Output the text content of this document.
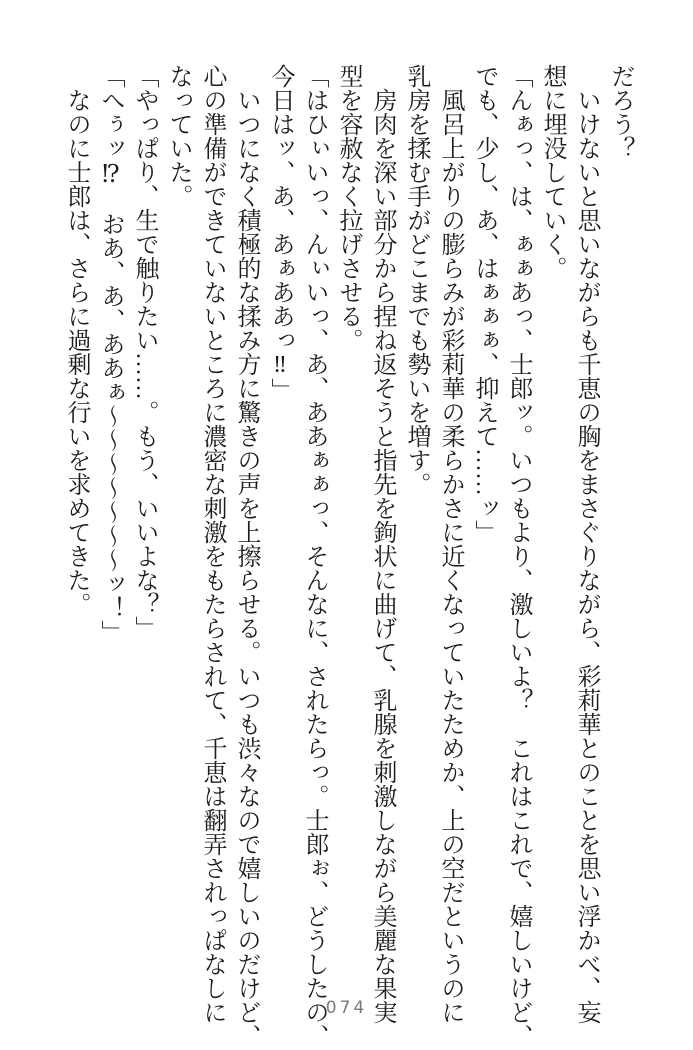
だろう？
　いけないと思いながらも千恵の胸をまさぐりながら、彩莉華とのことを思い浮かべ、妄
想に埋没していく。
「んぁっ、は、ぁぁあっ、士郎ッ。いつもより、激しいよ？　これはこれで、嬉しいけど、
でも、少し、あ、はぁぁぁ、抑えて……ッ」
　風呂上がりの膨らみが彩莉華の柔らかさに近くなっていたためか、上の空だというのに
乳房を揉む手がどこまでも勢いを増す。
　房肉を深い部分から捏ね返そうと指先を鉤状に曲げて、乳腺を刺激しながら美麗な果実
型を容赦なく拉げさせる。
「はひぃいっ、んぃいっ、あ、ああぁぁっ、そんなに、されたらっ。士郎ぉ、どうしたの、
今日はッ、あ、あぁああっ‼」
　いつになく積極的な揉み方に驚きの声を上擦らせる。いつも渋々なので嬉しいのだけど、
心の準備ができていないところに濃密な刺激をもたらされて、千恵は翻弄されっぱなしに
なっていた。
「やっぱり、生で触りたい……。もう、いいよな？」
「へぅッ⁉　おあ、あ、ああぁ～～～～～～～ッ！」
　なのに士郎は、さらに過剰な行いを求めてきた。
074
